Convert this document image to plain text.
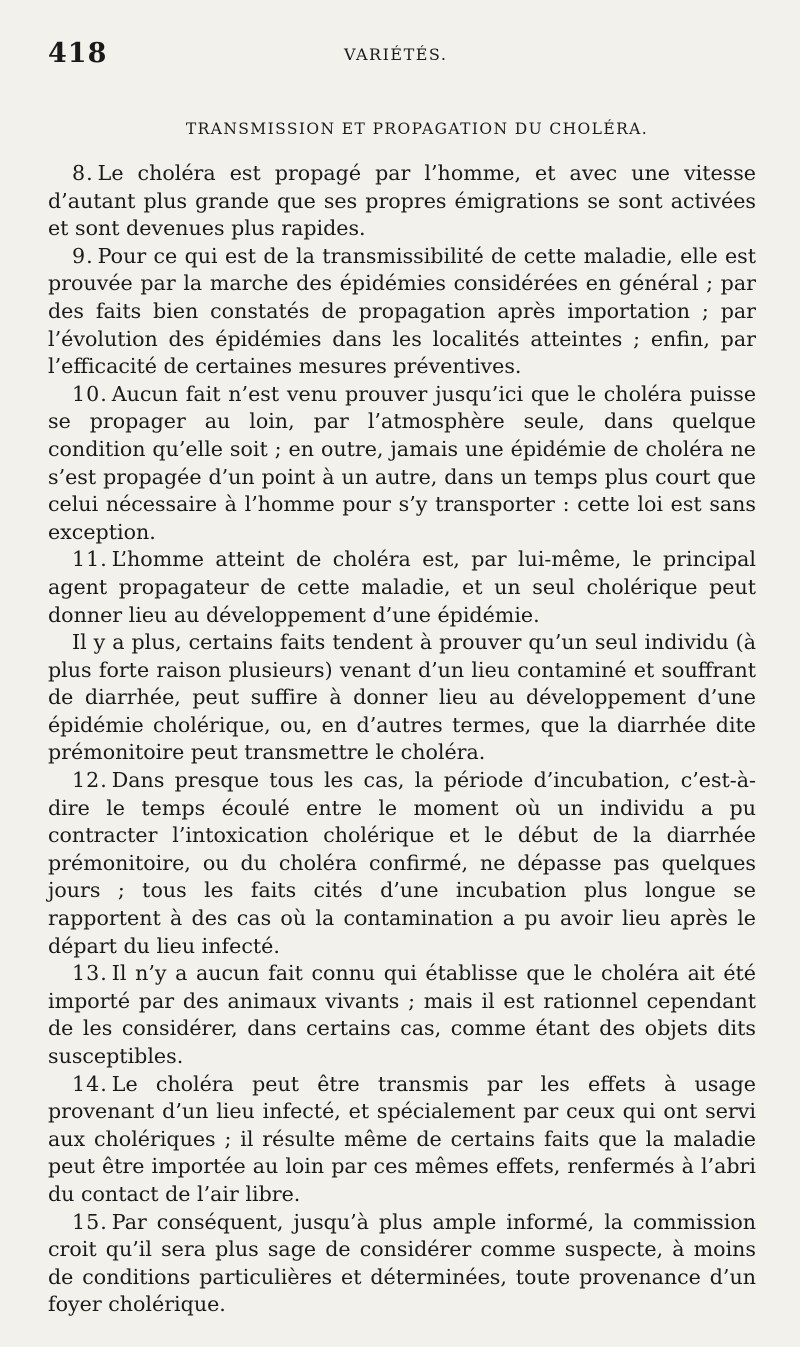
418	VARIÉTÉS.
TRANSMISSION ET PROPAGATION DU CHOLÉRA.

8. Le choléra est propagé par l’homme, et avec une vitesse d’autant plus grande que ses propres émigrations se sont activées et sont devenues plus rapides.

9. Pour ce qui est de la transmissibilité de cette maladie, elle est prouvée par la marche des épidémies considérées en général ; par des faits bien constatés de propagation après importation ; par l’évolution des épidémies dans les localités atteintes ; enfin, par l’efficacité de certaines mesures préventives.

10. Aucun fait n’est venu prouver jusqu’ici que le choléra puisse se propager au loin, par l’atmosphère seule, dans quelque condition qu’elle soit ; en outre, jamais une épidémie de choléra ne s’est propagée d’un point à un autre, dans un temps plus court que celui nécessaire à l’homme pour s’y transporter : cette loi est sans exception.

11. L’homme atteint de choléra est, par lui-même, le principal agent propagateur de cette maladie, et un seul cholérique peut donner lieu au développement d’une épidémie.

Il y a plus, certains faits tendent à prouver qu’un seul individu (à plus forte raison plusieurs) venant d’un lieu contaminé et souffrant de diarrhée, peut suffire à donner lieu au développement d’une épidémie cholérique, ou, en d’autres termes, que la diarrhée dite prémonitoire peut transmettre le choléra.

12. Dans presque tous les cas, la période d’incubation, c’est-à-dire le temps écoulé entre le moment où un individu a pu contracter l’intoxication cholérique et le début de la diarrhée prémonitoire, ou du choléra confirmé, ne dépasse pas quelques jours ; tous les faits cités d’une incubation plus longue se rapportent à des cas où la contamination a pu avoir lieu après le départ du lieu infecté.

13. Il n’y a aucun fait connu qui établisse que le choléra ait été importé par des animaux vivants ; mais il est rationnel cependant de les considérer, dans certains cas, comme étant des objets dits susceptibles.

14. Le choléra peut être transmis par les effets à usage provenant d’un lieu infecté, et spécialement par ceux qui ont servi aux cholériques ; il résulte même de certains faits que la maladie peut être importée au loin par ces mêmes effets, renfermés à l’abri du contact de l’air libre.

15. Par conséquent, jusqu’à plus ample informé, la commission croit qu’il sera plus sage de considérer comme suspecte, à moins de conditions particulières et déterminées, toute provenance d’un foyer cholérique.
